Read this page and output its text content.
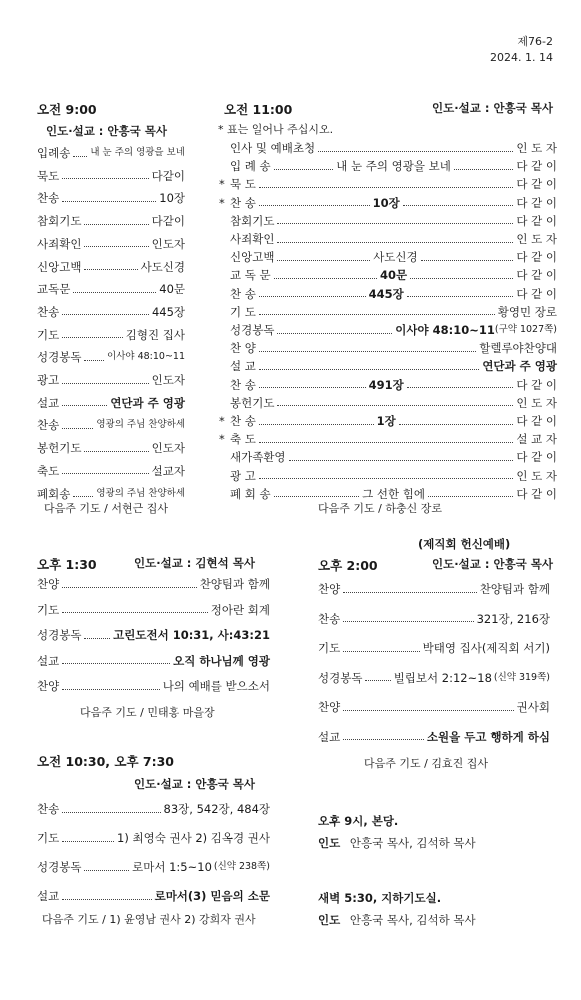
제76-2
2024. 1. 14
오전 9:00
인도·설교 : 안흥국 목사
입례송 내 눈 주의 영광을 보네
묵도	다같이
찬송	10장
참회기도	다같이
사죄확인	인도자
신앙고백	사도신경
교독문	40문
찬송	445장
기도	김형진 집사
성경봉독	이사야 48:10~11
광고	인도자
설교	연단과 주 영광
찬송	영광의 주님 찬양하세
봉헌기도	인도자
축도	설교자
폐회송	영광의 주님 찬양하세
다음주 기도 / 서현근 집사
오전 11:00	인도·설교 : 안흥국 목사
* 표는 일어나 주십시오.
인사 및 예배초청	인 도 자
입 례 송	내 눈 주의 영광을 보네	다 같 이
* 묵 도	다 같 이
* 찬 송	10장	다 같 이
참회기도	다 같 이
사죄확인	인 도 자
신앙고백	사도신경	다 같 이
교 독 문	40문	다 같 이
찬 송	445장	다 같 이
기 도	황영민 장로
성경봉독	이사야 48:10~11 (구약 1027쪽)
찬 양	할렐루야찬양대
설 교	연단과 주 영광
찬 송	491장	다 같 이
봉헌기도	인 도 자
* 찬 송	1장	다 같 이
* 축 도	설 교 자
새가족환영	다 같 이
광 고	인 도 자
폐 회 송	그 선한 힘에	다 같 이
다음주 기도 / 하충신 장로
오후 1:30	인도·설교 : 김현석 목사
찬양	찬양팀과 함께
기도	정아란 회계
성경봉독	고린도전서 10:31, 사:43:21
설교	오직 하나님께 영광
찬양	나의 예배를 받으소서
다음주 기도 / 민태홍 마을장
(제직회 헌신예배)
오후 2:00	인도·설교 : 안흥국 목사
찬양	찬양팀과 함께
찬송	321장, 216장
기도	박태영 집사(제직회 서기)
성경봉독	빌립보서 2:12~18 (신약 319쪽)
찬양	권사회
설교	소원을 두고 행하게 하심
다음주 기도 / 김효진 집사
오전 10:30, 오후 7:30
인도·설교 : 안흥국 목사
찬송	83장, 542장, 484장
기도	1) 최영숙 권사 2) 김옥경 권사
성경봉독	로마서 1:5~10 (신약 238쪽)
설교	로마서(3) 믿음의 소문
다음주 기도 / 1) 윤영남 권사 2) 강희자 권사
오후 9시, 본당.
인도 안흥국 목사, 김석하 목사
새벽 5:30, 지하기도실.
인도 안흥국 목사, 김석하 목사
